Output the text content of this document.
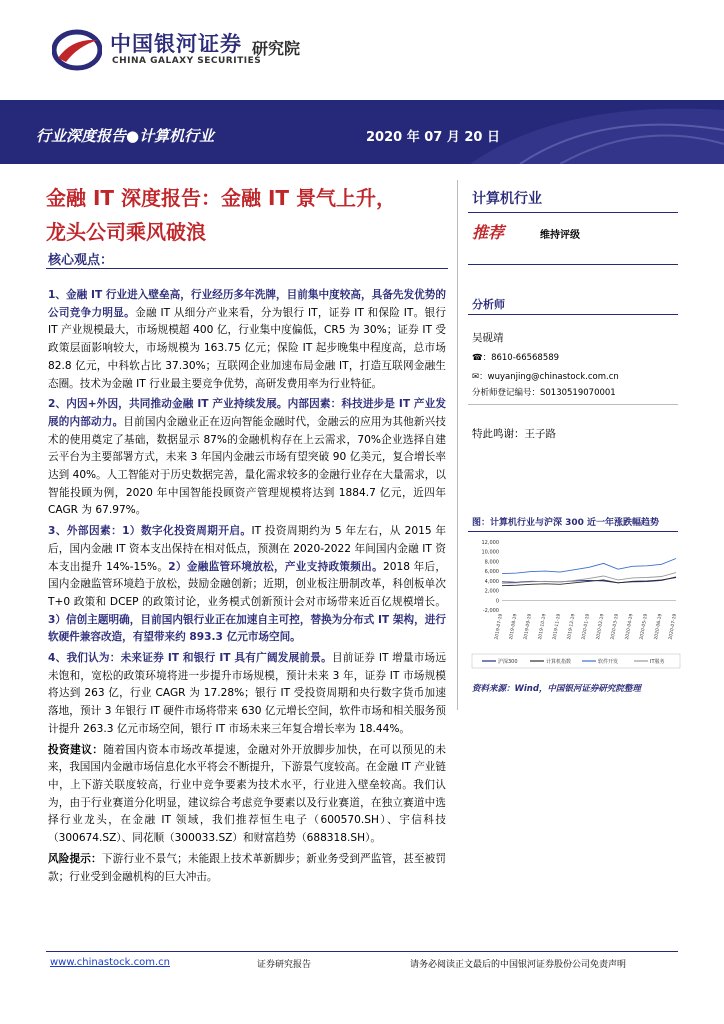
中国银河证券
CHINA GALAXY SECURITIES
研究院
行业深度报告●计算机行业	2020 年 07 月 20 日
金融 IT 深度报告：金融 IT 景气上升，
龙头公司乘风破浪
核心观点：

1、金融 IT 行业进入壁垒高，行业经历多年洗牌，目前集中度较高，具备先发优势的公司竞争力明显。金融 IT 从细分产业来看，分为银行 IT，证券 IT 和保险 IT。银行 IT 产业规模最大，市场规模超 400 亿，行业集中度偏低，CR5 为 30%；证券 IT 受政策层面影响较大，市场规模为 163.75 亿元；保险 IT 起步晚集中程度高，总市场 82.8 亿元，中科软占比 37.30%；互联网企业加速布局金融 IT，打造互联网金融生态圈。技术为金融 IT 行业最主要竞争优势，高研发费用率为行业特征。

2、内因+外因，共同推动金融 IT 产业持续发展。内部因素：科技进步是 IT 产业发展的内部动力。目前国内金融业正在迈向智能金融时代，金融云的应用为其他新兴技术的使用奠定了基础，数据显示 87%的金融机构存在上云需求，70%企业选择自建云平台为主要部署方式，未来 3 年国内金融云市场有望突破 90 亿美元，复合增长率达到 40%。人工智能对于历史数据完善，量化需求较多的金融行业存在大量需求，以智能投顾为例，2020 年中国智能投顾资产管理规模将达到 1884.7 亿元，近四年 CAGR 为 67.97%。

3、外部因素：1）数字化投资周期开启。IT 投资周期约为 5 年左右，从 2015 年后，国内金融 IT 资本支出保持在相对低点，预测在 2020-2022 年间国内金融 IT 资本支出提升 14%-15%。2）金融监管环境放松，产业支持政策频出。2018 年后，国内金融监管环境趋于放松，鼓励金融创新；近期，创业板注册制改革，科创板单次 T+0 政策和 DCEP 的政策讨论，业务模式创新预计会对市场带来近百亿规模增长。3）信创主题明确，目前国内银行业正在加速自主可控，替换为分布式 IT 架构，进行软硬件兼容改造，有望带来约 893.3 亿元市场空间。

4、我们认为：未来证券 IT 和银行 IT 具有广阔发展前景。目前证券 IT 增量市场远未饱和，宽松的政策环境将进一步提升市场规模，预计未来 3 年，证券 IT 市场规模将达到 263 亿，行业 CAGR 为 17.28%；银行 IT 受投资周期和央行数字货币加速落地，预计 3 年银行 IT 硬件市场将带来 630 亿元增长空间，软件市场和相关服务预计提升 263.3 亿元市场空间，银行 IT 市场未来三年复合增长率为 18.44%。

投资建议：随着国内资本市场改革提速，金融对外开放脚步加快，在可以预见的未来，我国国内金融市场信息化水平将会不断提升，下游景气度较高。在金融 IT 产业链中，上下游关联度较高，行业中竞争要素为技术水平，行业进入壁垒较高。我们认为，由于行业赛道分化明显，建议综合考虑竞争要素以及行业赛道，在独立赛道中选择行业龙头，在金融 IT 领域，我们推荐恒生电子（600570.SH）、宇信科技（300674.SZ）、同花顺（300033.SZ）和财富趋势（688318.SH）。

风险提示：下游行业不景气；未能跟上技术革新脚步；新业务受到严监管，甚至被罚款；行业受到金融机构的巨大冲击。

计算机行业
推荐	维持评级
分析师
吴砚靖
☎：8610-66568589
✉：wuyanjing@chinastock.com.cn
分析师登记编号：S0130519070001
特此鸣谢：王子路
图：计算机行业与沪深 300 近一年涨跌幅趋势
12,000
10,000
8,000
6,000
4,000
2,000
0
-2,000
2019-07-19 2019-08-19 2019-09-19 2019-10-19 2019-11-19 2019-12-19 2020-01-19 2020-02-19 2020-03-19 2020-04-19 2020-05-19 2020-06-19 2020-07-19
沪深300	计算机指数	软件开发	IT服务
资料来源：Wind，中国银河证券研究院整理
www.chinastock.com.cn	证券研究报告	请务必阅读正文最后的中国银河证券股份公司免责声明
